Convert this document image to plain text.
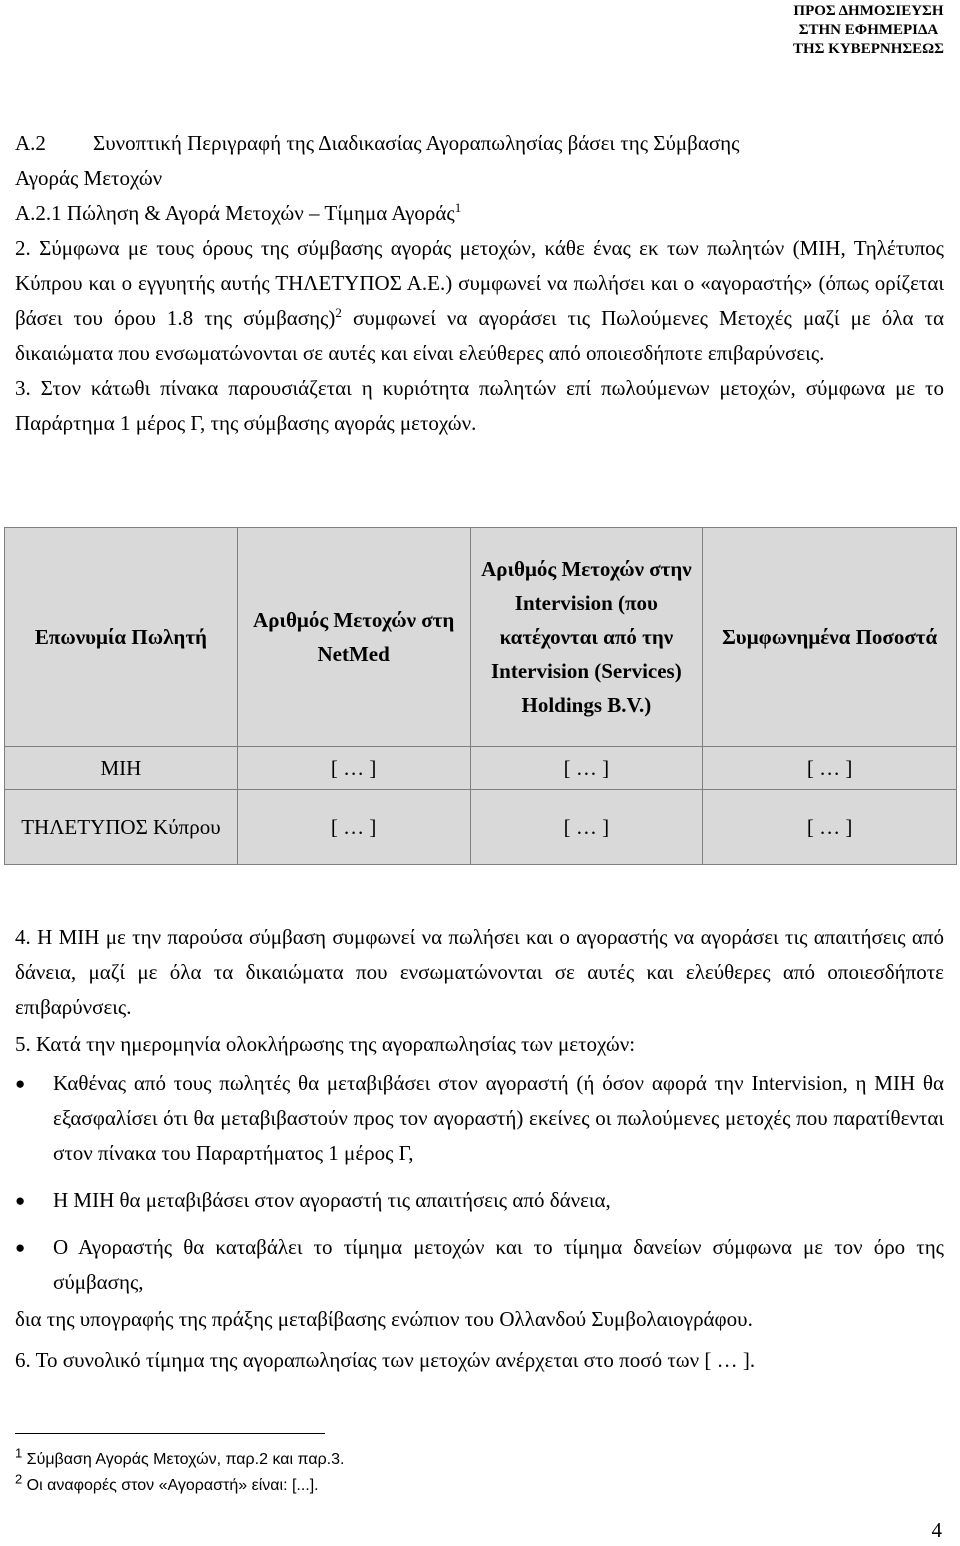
ΠΡΟΣ ΔΗΜΟΣΙΕΥΣΗ
ΣΤΗΝ ΕΦΗΜΕΡΙΔΑ
ΤΗΣ ΚΥΒΕΡΝΗΣΕΩΣ
Α.2	Συνοπτική Περιγραφή της Διαδικασίας Αγοραπωλησίας βάσει της Σύμβασης

Αγοράς Μετοχών

Α.2.1 Πώληση & Αγορά Μετοχών – Τίμημα Αγοράς$^1$

2. Σύμφωνα με τους όρους της σύμβασης αγοράς μετοχών, κάθε ένας εκ των πωλητών (ΜΙΗ, Τηλέτυπος Κύπρου και ο εγγυητής αυτής ΤΗΛΕΤΥΠΟΣ Α.Ε.) συμφωνεί να πωλήσει και ο «αγοραστής» (όπως ορίζεται βάσει του όρου 1.8 της σύμβασης)$^2$ συμφωνεί να αγοράσει τις Πωλούμενες Μετοχές μαζί με όλα τα δικαιώματα που ενσωματώνονται σε αυτές και είναι ελεύθερες από οποιεσδήποτε επιβαρύνσεις.

3. Στον κάτωθι πίνακα παρουσιάζεται η κυριότητα πωλητών επί πωλούμενων μετοχών, σύμφωνα με το Παράρτημα 1 μέρος Γ, της σύμβασης αγοράς μετοχών.

Επωνυμία Πωλητή	Αριθμός Μετοχών στη NetMed	Αριθμός Μετοχών στην Intervision (που κατέχονται από την Intervision (Services) Holdings B.V.)	Συμφωνημένα Ποσοστά
ΜΙΗ	[ … ]	[ … ]	[ … ]
ΤΗΛΕΤΥΠΟΣ Κύπρου	[ … ]	[ … ]	[ … ]

4. Η ΜΙΗ με την παρούσα σύμβαση συμφωνεί να πωλήσει και ο αγοραστής να αγοράσει τις απαιτήσεις από δάνεια, μαζί με όλα τα δικαιώματα που ενσωματώνονται σε αυτές και ελεύθερες από οποιεσδήποτε επιβαρύνσεις.

5. Κατά την ημερομηνία ολοκλήρωσης της αγοραπωλησίας των μετοχών:

●	Καθένας από τους πωλητές θα μεταβιβάσει στον αγοραστή (ή όσον αφορά την Intervision, η ΜΙΗ θα εξασφαλίσει ότι θα μεταβιβαστούν προς τον αγοραστή) εκείνες οι πωλούμενες μετοχές που παρατίθενται στον πίνακα του Παραρτήματος 1 μέρος Γ,
●	Η ΜΙΗ θα μεταβιβάσει στον αγοραστή τις απαιτήσεις από δάνεια,
●	Ο Αγοραστής θα καταβάλει το τίμημα μετοχών και το τίμημα δανείων σύμφωνα με τον όρο της σύμβασης,

δια της υπογραφής της πράξης μεταβίβασης ενώπιον του Ολλανδού Συμβολαιογράφου.

6. Το συνολικό τίμημα της αγοραπωλησίας των μετοχών ανέρχεται στο ποσό των [ … ].

$^1$ Σύμβαση Αγοράς Μετοχών, παρ.2 και παρ.3.
$^2$ Οι αναφορές στον «Αγοραστή» είναι: [...].
4
